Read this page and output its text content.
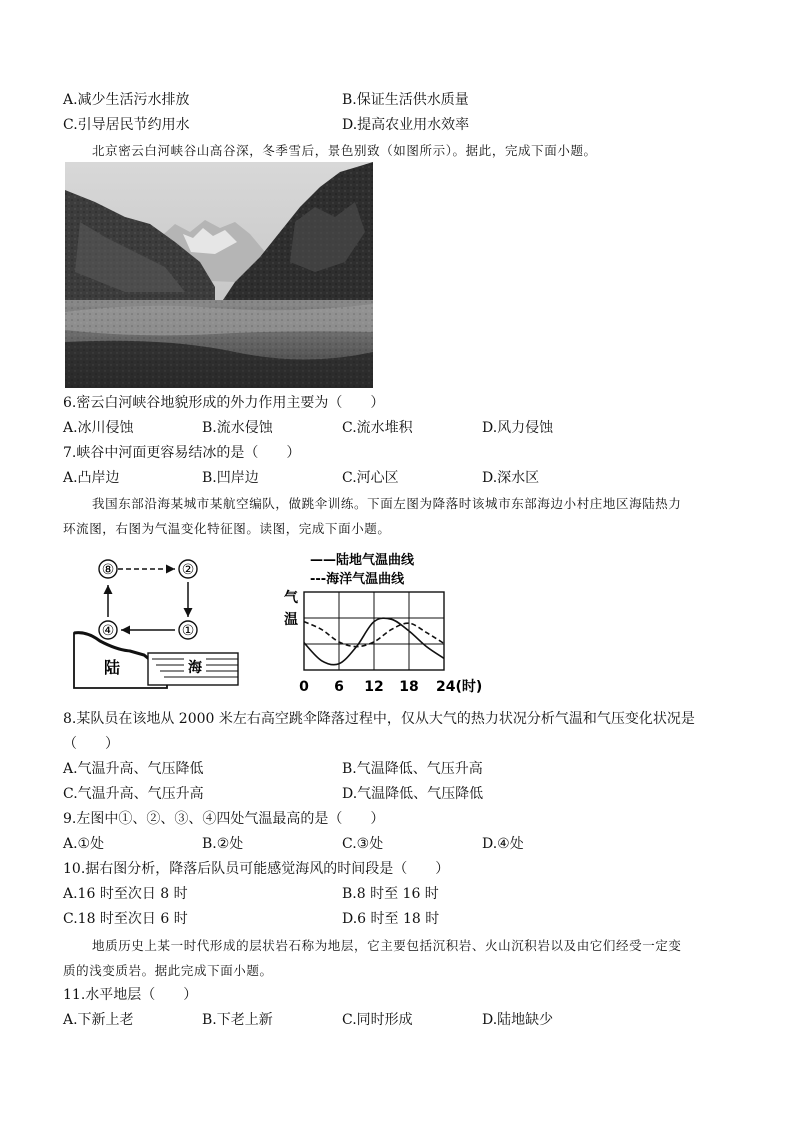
A.减少生活污水排放	B.保证生活供水质量
C.引导居民节约用水	D.提高农业用水效率
北京密云白河峡谷山高谷深，冬季雪后，景色别致（如图所示）。据此，完成下面小题。
6.密云白河峡谷地貌形成的外力作用主要为（　　）
A.冰川侵蚀	B.流水侵蚀	C.流水堆积	D.风力侵蚀
7.峡谷中河面更容易结冰的是（　　）
A.凸岸边	B.凹岸边	C.河心区	D.深水区
我国东部沿海某城市某航空编队，做跳伞训练。下面左图为降落时该城市东部海边小村庄地区海陆热力
环流图，右图为气温变化特征图。读图，完成下面小题。
⑧	②
④	①
陆	海
——陆地气温曲线
---海洋气温曲线
气 温
0 6 12 18 24(时)
8.某队员在该地从 2000 米左右高空跳伞降落过程中，仅从大气的热力状况分析气温和气压变化状况是
（　　）
A.气温升高、气压降低	B.气温降低、气压升高
C.气温升高、气压升高	D.气温降低、气压降低
9.左图中①、②、③、④四处气温最高的是（　　）
A.①处	B.②处	C.③处	D.④处
10.据右图分析，降落后队员可能感觉海风的时间段是（　　）
A.16 时至次日 8 时	B.8 时至 16 时
C.18 时至次日 6 时	D.6 时至 18 时
地质历史上某一时代形成的层状岩石称为地层，它主要包括沉积岩、火山沉积岩以及由它们经受一定变
质的浅变质岩。据此完成下面小题。
11.水平地层（　　）
A.下新上老	B.下老上新	C.同时形成	D.陆地缺少
